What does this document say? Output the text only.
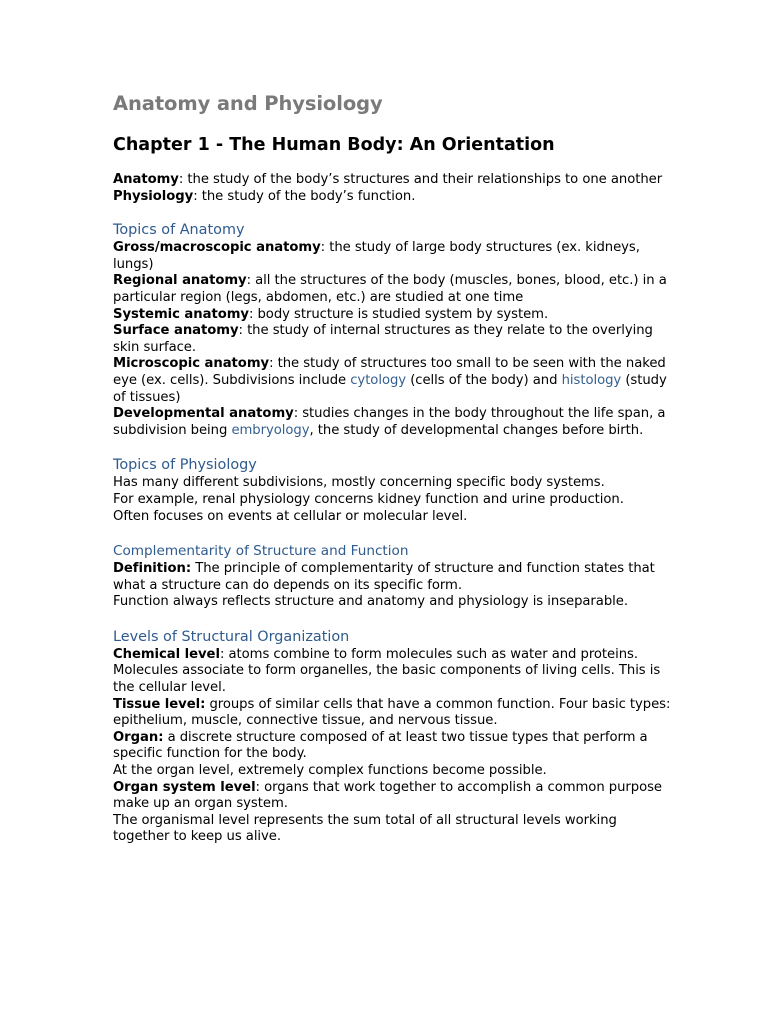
Anatomy and Physiology
Chapter 1 - The Human Body: An Orientation

Anatomy: the study of the body’s structures and their relationships to one another

Physiology: the study of the body’s function.

Topics of Anatomy

Gross/macroscopic anatomy: the study of large body structures (ex. kidneys, lungs)

Regional anatomy: all the structures of the body (muscles, bones, blood, etc.) in a particular region (legs, abdomen, etc.) are studied at one time

Systemic anatomy: body structure is studied system by system.

Surface anatomy: the study of internal structures as they relate to the overlying skin surface.

Microscopic anatomy: the study of structures too small to be seen with the naked eye (ex. cells). Subdivisions include cytology (cells of the body) and histology (study of tissues)

Developmental anatomy: studies changes in the body throughout the life span, a subdivision being embryology, the study of developmental changes before birth.

Topics of Physiology

Has many different subdivisions, mostly concerning specific body systems.

For example, renal physiology concerns kidney function and urine production.

Often focuses on events at cellular or molecular level.

Complementarity of Structure and Function

Definition: The principle of complementarity of structure and function states that what a structure can do depends on its specific form.

Function always reflects structure and anatomy and physiology is inseparable.

Levels of Structural Organization

Chemical level: atoms combine to form molecules such as water and proteins.

Molecules associate to form organelles, the basic components of living cells. This is the cellular level.

Tissue level: groups of similar cells that have a common function. Four basic types: epithelium, muscle, connective tissue, and nervous tissue.

Organ: a discrete structure composed of at least two tissue types that perform a specific function for the body.

At the organ level, extremely complex functions become possible.

Organ system level: organs that work together to accomplish a common purpose make up an organ system.

The organismal level represents the sum total of all structural levels working together to keep us alive.
